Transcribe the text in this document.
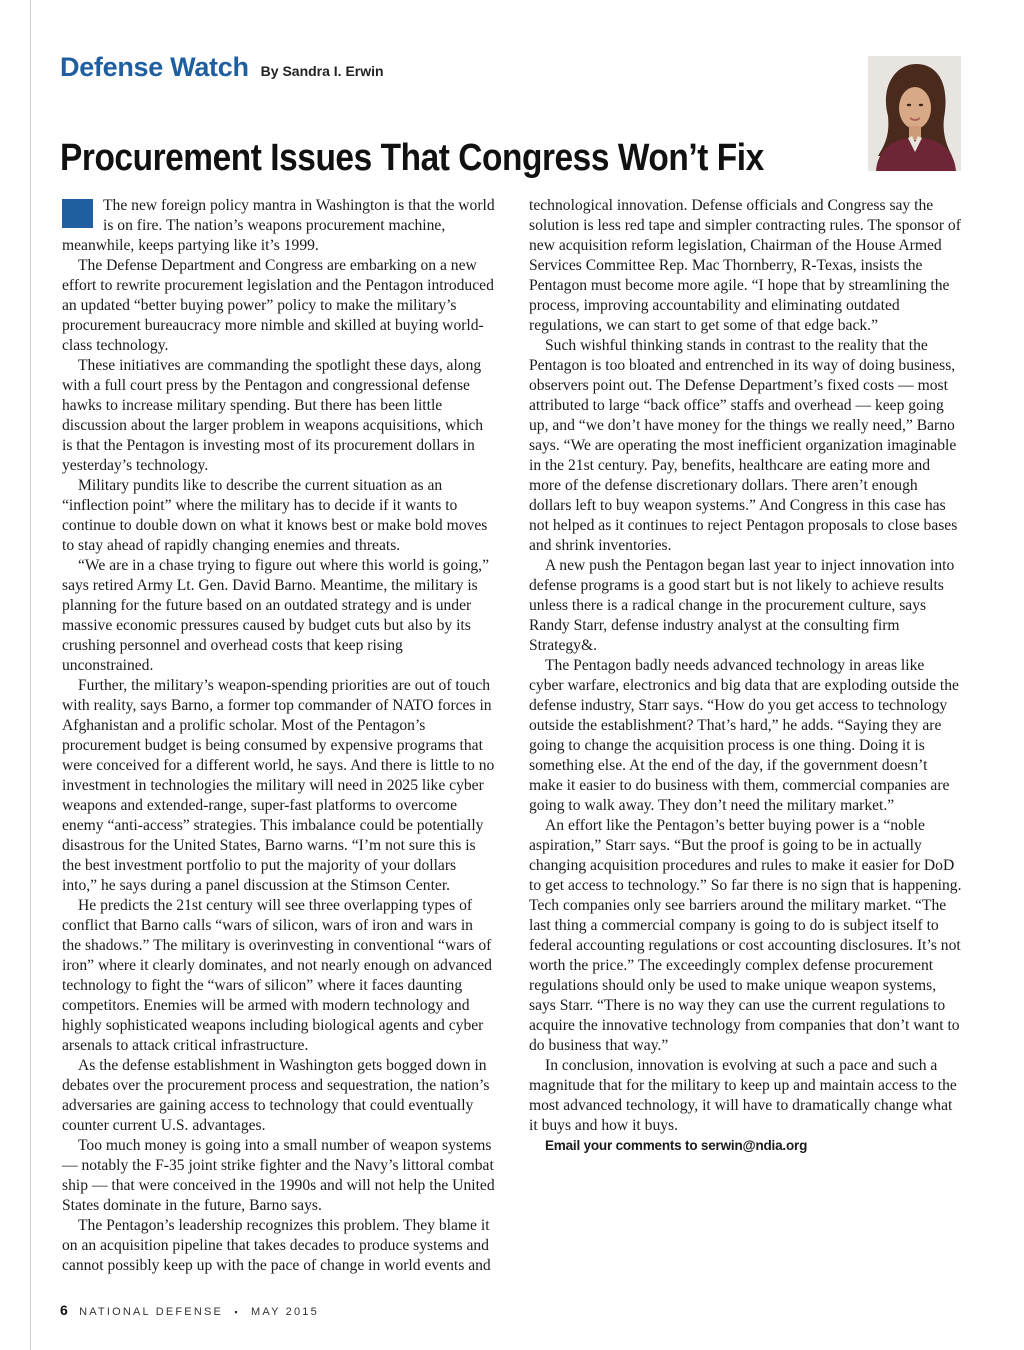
Defense Watch By Sandra I. Erwin
Procurement Issues That Congress Won’t Fix

The new foreign policy mantra in Washington is that the world is on fire. The nation’s weapons procurement machine, meanwhile, keeps partying like it’s 1999.

The Defense Department and Congress are embarking on a new effort to rewrite procurement legislation and the Pentagon introduced an updated “better buying power” policy to make the military’s procurement bureaucracy more nimble and skilled at buying world-class technology.

These initiatives are commanding the spotlight these days, along with a full court press by the Pentagon and congressional defense hawks to increase military spending. But there has been little discussion about the larger problem in weapons acquisitions, which is that the Pentagon is investing most of its procurement dollars in yesterday’s technology.

Military pundits like to describe the current situation as an “inflection point” where the military has to decide if it wants to continue to double down on what it knows best or make bold moves to stay ahead of rapidly changing enemies and threats.

“We are in a chase trying to figure out where this world is going,” says retired Army Lt. Gen. David Barno. Meantime, the military is planning for the future based on an outdated strategy and is under massive economic pressures caused by budget cuts but also by its crushing personnel and overhead costs that keep rising unconstrained.

Further, the military’s weapon-spending priorities are out of touch with reality, says Barno, a former top commander of NATO forces in Afghanistan and a prolific scholar. Most of the Pentagon’s procurement budget is being consumed by expensive programs that were conceived for a different world, he says. And there is little to no investment in technologies the military will need in 2025 like cyber weapons and extended-range, super-fast platforms to overcome enemy “anti-access” strategies. This imbalance could be potentially disastrous for the United States, Barno warns. “I’m not sure this is the best investment portfolio to put the majority of your dollars into,” he says during a panel discussion at the Stimson Center.

He predicts the 21st century will see three overlapping types of conflict that Barno calls “wars of silicon, wars of iron and wars in the shadows.” The military is overinvesting in conventional “wars of iron” where it clearly dominates, and not nearly enough on advanced technology to fight the “wars of silicon” where it faces daunting competitors. Enemies will be armed with modern technology and highly sophisticated weapons including biological agents and cyber arsenals to attack critical infrastructure.

As the defense establishment in Washington gets bogged down in debates over the procurement process and sequestration, the nation’s adversaries are gaining access to technology that could eventually counter current U.S. advantages.

Too much money is going into a small number of weapon systems — notably the F-35 joint strike fighter and the Navy’s littoral combat ship — that were conceived in the 1990s and will not help the United States dominate in the future, Barno says.

The Pentagon’s leadership recognizes this problem. They blame it on an acquisition pipeline that takes decades to produce systems and cannot possibly keep up with the pace of change in world events and technological innovation. Defense officials and Congress say the solution is less red tape and simpler contracting rules. The sponsor of new acquisition reform legislation, Chairman of the House Armed Services Committee Rep. Mac Thornberry, R-Texas, insists the Pentagon must become more agile. “I hope that by streamlining the process, improving accountability and eliminating outdated regulations, we can start to get some of that edge back.”

Such wishful thinking stands in contrast to the reality that the Pentagon is too bloated and entrenched in its way of doing business, observers point out. The Defense Department’s fixed costs — most attributed to large “back office” staffs and overhead — keep going up, and “we don’t have money for the things we really need,” Barno says. “We are operating the most inefficient organization imaginable in the 21st century. Pay, benefits, healthcare are eating more and more of the defense discretionary dollars. There aren’t enough dollars left to buy weapon systems.” And Congress in this case has not helped as it continues to reject Pentagon proposals to close bases and shrink inventories.

A new push the Pentagon began last year to inject innovation into defense programs is a good start but is not likely to achieve results unless there is a radical change in the procurement culture, says Randy Starr, defense industry analyst at the consulting firm Strategy&.

The Pentagon badly needs advanced technology in areas like cyber warfare, electronics and big data that are exploding outside the defense industry, Starr says. “How do you get access to technology outside the establishment? That’s hard,” he adds. “Saying they are going to change the acquisition process is one thing. Doing it is something else. At the end of the day, if the government doesn’t make it easier to do business with them, commercial companies are going to walk away. They don’t need the military market.”

An effort like the Pentagon’s better buying power is a “noble aspiration,” Starr says. “But the proof is going to be in actually changing acquisition procedures and rules to make it easier for DoD to get access to technology.” So far there is no sign that is happening. Tech companies only see barriers around the military market. “The last thing a commercial company is going to do is subject itself to federal accounting regulations or cost accounting disclosures. It’s not worth the price.” The exceedingly complex defense procurement regulations should only be used to make unique weapon systems, says Starr. “There is no way they can use the current regulations to acquire the innovative technology from companies that don’t want to do business that way.”

In conclusion, innovation is evolving at such a pace and such a magnitude that for the military to keep up and maintain access to the most advanced technology, it will have to dramatically change what it buys and how it buys.

Email your comments to serwin@ndia.org

6 NATIONAL DEFENSE ▪ MAY 2015
